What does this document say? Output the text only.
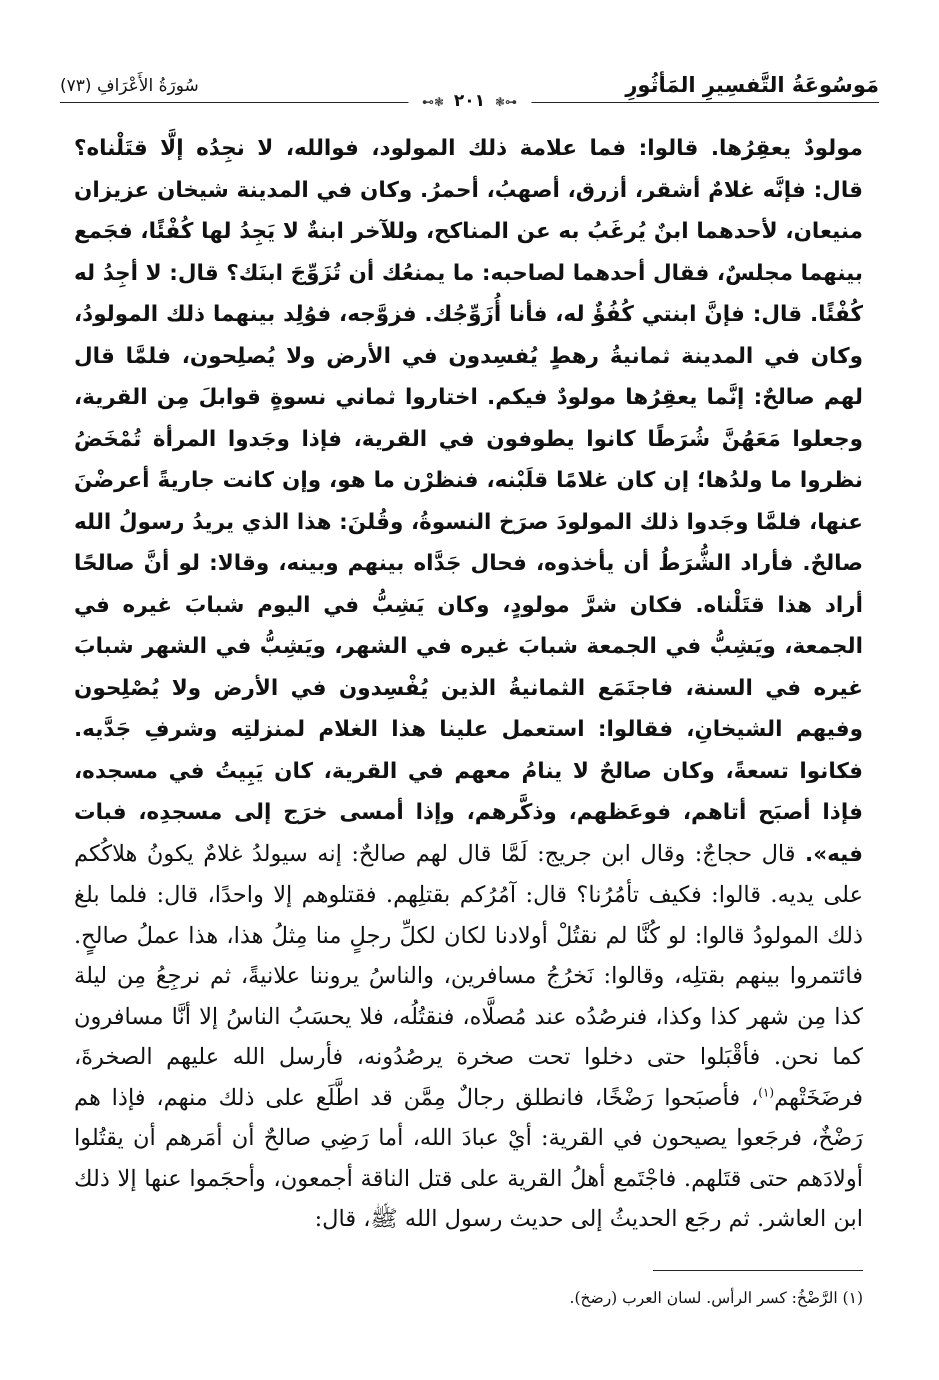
مَوسُوعَةُ التَّفسِيرِ المَأثُورِ
⊷❃ ٢٠١ ❃⊶
سُورَةُ الأَعْرَافِ (٧٣)

مولودٌ يعقِرُها. قالوا: فما علامة ذلك المولود، فوالله، لا نجِدُه إلَّا قتَلْناه؟ قال: فإنَّه غلامٌ أشقر، أزرق، أصهبُ، أحمرُ. وكان في المدينة شيخان عزيزان منيعان، لأحدهما ابنٌ يُرغَبُ به عن المناكح، وللآخر ابنةٌ لا يَجِدُ لها كُفْئًا، فجَمع بينهما مجلسٌ، فقال أحدهما لصاحبه: ما يمنعُك أن تُزَوِّجَ ابنَك؟ قال: لا أجِدُ له كُفْئًا. قال: فإنَّ ابنتي كُفُؤٌ له، فأنا أُزَوِّجُك. فزوَّجه، فوُلِد بينهما ذلك المولودُ، وكان في المدينة ثمانيةُ رهطٍ يُفسِدون في الأرض ولا يُصلِحون، فلمَّا قال لهم صالحٌ: إنَّما يعقِرُها مولودٌ فيكم. اختاروا ثماني نسوةٍ قوابلَ مِن القرية، وجعلوا مَعَهُنَّ شُرَطًا كانوا يطوفون في القرية، فإذا وجَدوا المرأة تُمْخَضُ نظروا ما ولدُها؛ إن كان غلامًا قلَبْنه، فنظرْن ما هو، وإن كانت جاريةً أعرضْنَ عنها، فلمَّا وجَدوا ذلك المولودَ صرَخ النسوةُ، وقُلنَ: هذا الذي يريدُ رسولُ الله صالحٌ. فأراد الشُّرَطُ أن يأخذوه، فحال جَدَّاه بينهم وبينه، وقالا: لو أنَّ صالحًا أراد هذا قتَلْناه. فكان شرَّ مولودٍ، وكان يَشِبُّ في اليوم شبابَ غيره في الجمعة، ويَشِبُّ في الجمعة شبابَ غيره في الشهر، ويَشِبُّ في الشهر شبابَ غيره في السنة، فاجتَمَع الثمانيةُ الذين يُفْسِدون في الأرض ولا يُصْلِحون وفيهم الشيخانِ، فقالوا: استعمل علينا هذا الغلام لمنزلتِه وشرفِ جَدَّيه. فكانوا تسعةً، وكان صالحٌ لا ينامُ معهم في القرية، كان يَبِيتُ في مسجده، فإذا أصبَح أتاهم، فوعَظهم، وذكَّرهم، وإذا أمسى خرَج إلى مسجدِه، فبات فيه». قال حجاجٌ: وقال ابن جريج: لَمَّا قال لهم صالحٌ: إنه سيولدُ غلامٌ يكونُ هلاكُكم على يديه. قالوا: فكيف تأمُرُنا؟ قال: آمُرُكم بقتلِهم. فقتلوهم إلا واحدًا، قال: فلما بلغ ذلك المولودُ قالوا: لو كُنَّا لم نقتُلْ أولادنا لكان لكلِّ رجلٍ منا مِثلُ هذا، هذا عملُ صالحٍ. فائتمروا بينهم بقتلِه، وقالوا: نَخرُجُ مسافرين، والناسُ يروننا علانيةً، ثم نرجِعُ مِن ليلة كذا مِن شهر كذا وكذا، فنرصُدُه عند مُصلَّاه، فنقتُلُه، فلا يحسَبُ الناسُ إلا أنَّا مسافرون كما نحن. فأقْبَلوا حتى دخلوا تحت صخرة يرصُدُونه، فأرسل الله عليهم الصخرةَ، فرضَخَتْهم$^{(١)}$، فأصبَحوا رَضْخًا، فانطلق رجالٌ مِمَّن قد اطَّلَع على ذلك منهم، فإذا هم رَضْخٌ، فرجَعوا يصيحون في القرية: أيْ عبادَ الله، أما رَضِي صالحٌ أن أمَرهم أن يقتُلوا أولادَهم حتى قتَلهم. فاجْتَمع أهلُ القرية على قتل الناقة أجمعون، وأحجَموا عنها إلا ذلك ابن العاشر. ثم رجَع الحديثُ إلى حديث رسول الله ﷺ، قال:

(١) الرَّضْخُ: كسر الرأس. لسان العرب (رضخ).
